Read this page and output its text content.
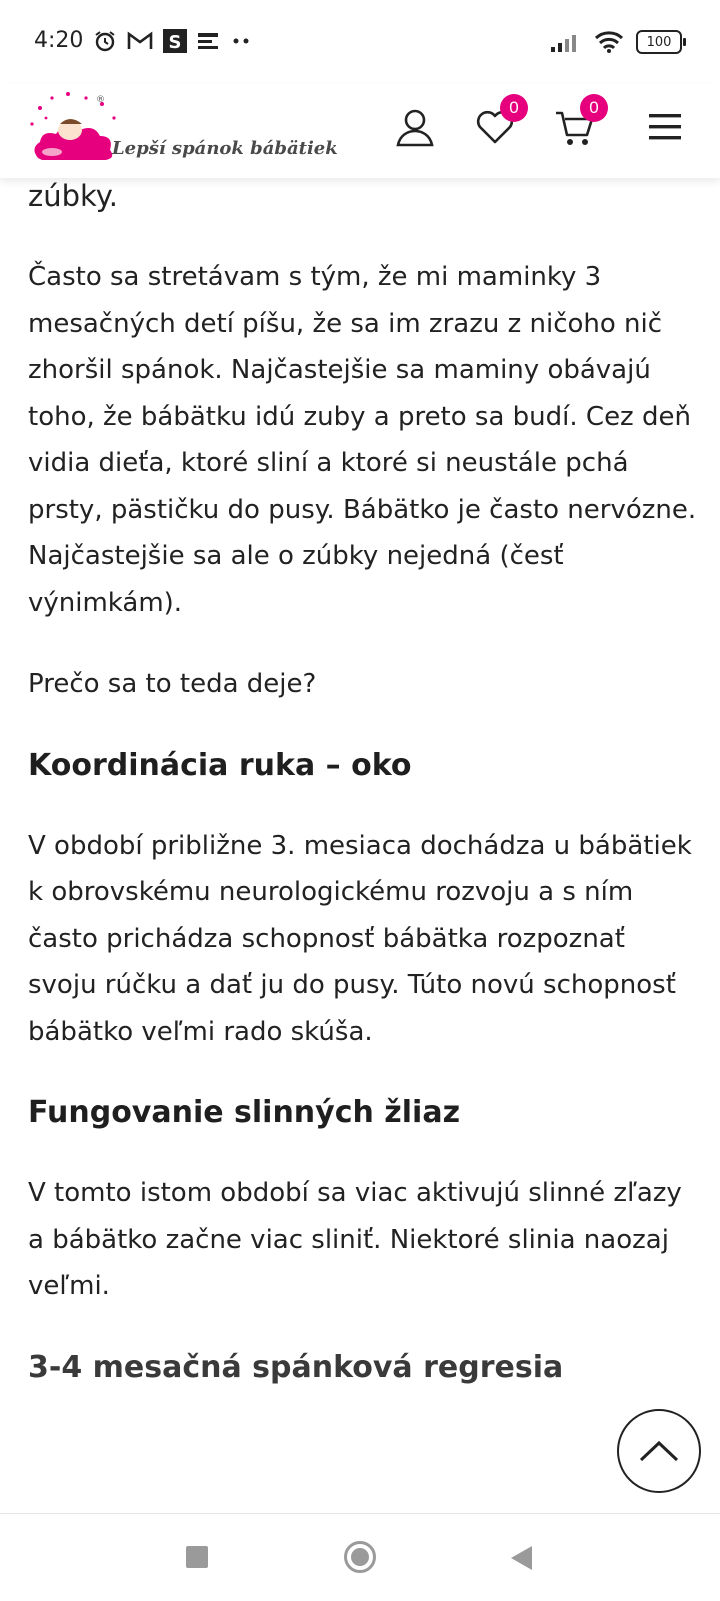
4:20	S	100
®
Lepší spánok bábätiek
0	0

zúbky.

Často sa stretávam s tým, že mi maminky 3 mesačných detí píšu, že sa im zrazu z ničoho nič zhoršil spánok. Najčastejšie sa maminy obávajú toho, že bábätku idú zuby a preto sa budí. Cez deň vidia dieťa, ktoré sliní a ktoré si neustále pchá prsty, pästičku do pusy. Bábätko je často nervózne. Najčastejšie sa ale o zúbky nejedná (česť výnimkám).

Prečo sa to teda deje?

Koordinácia ruka – oko

V období približne 3. mesiaca dochádza u bábätiek k obrovskému neurologickému rozvoju a s ním často prichádza schopnosť bábätka rozpoznať svoju rúčku a dať ju do pusy. Túto novú schopnosť bábätko veľmi rado skúša.

Fungovanie slinných žliaz

V tomto istom období sa viac aktivujú slinné zľazy a bábätko začne viac sliniť. Niektoré slinia naozaj veľmi.

3-4 mesačná spánková regresia
